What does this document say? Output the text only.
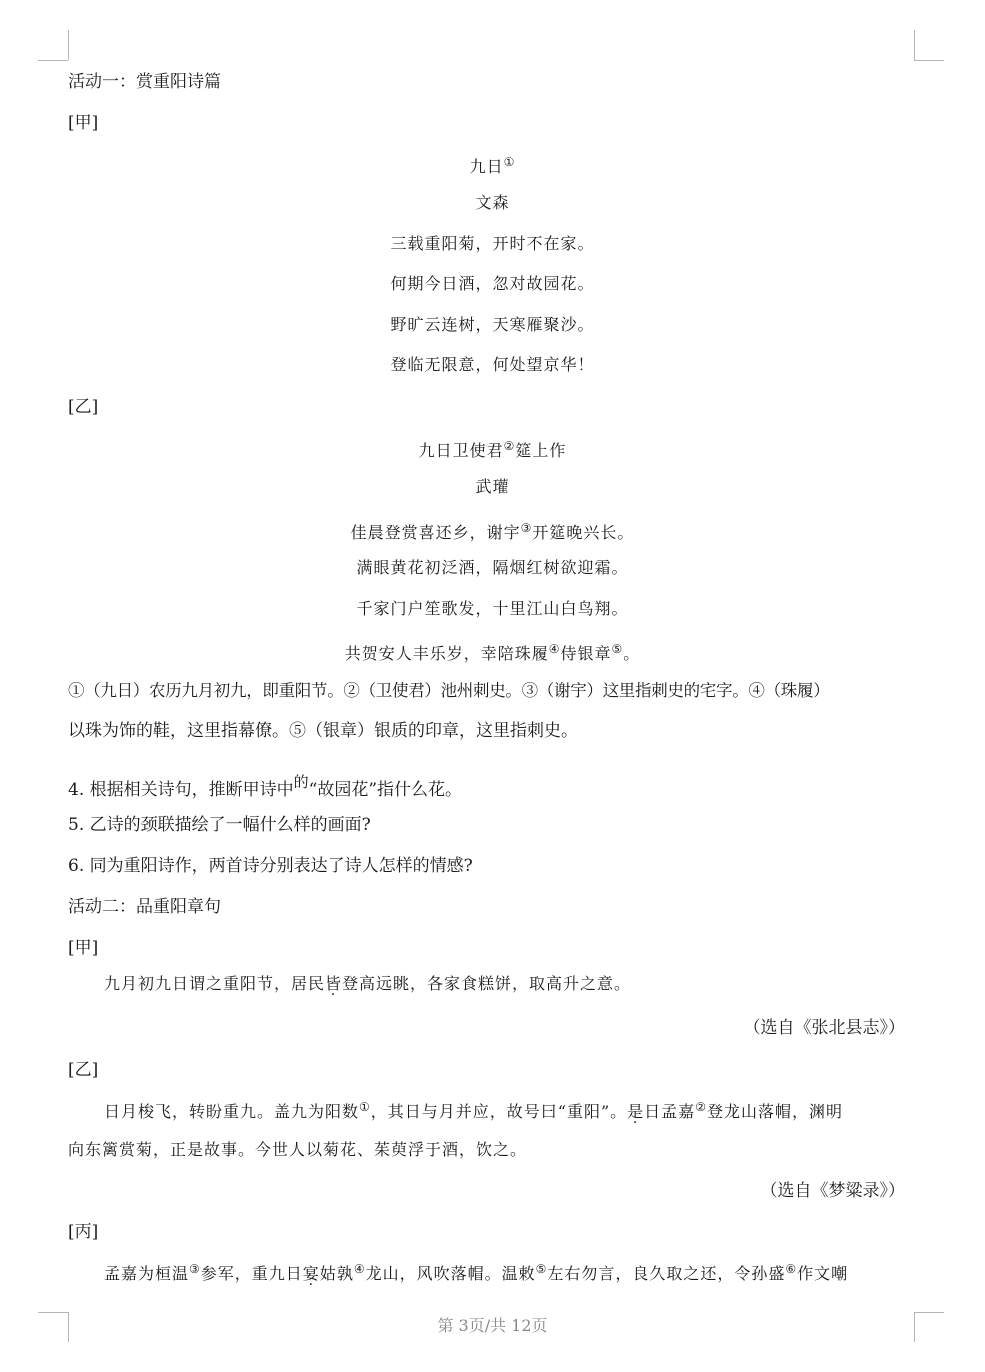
活动一：赏重阳诗篇
[甲]
九日①
文森
三载重阳菊，开时不在家。
何期今日酒，忽对故园花。
野旷云连树，天寒雁聚沙。
登临无限意，何处望京华！
[乙]
九日卫使君②筵上作
武瓘
佳晨登赏喜还乡，谢宇③开筵晚兴长。
满眼黄花初泛酒，隔烟红树欲迎霜。
千家门户笙歌发，十里江山白鸟翔。
共贺安人丰乐岁，幸陪珠履④侍银章⑤。
①（九日）农历九月初九，即重阳节。②（卫使君）池州刺史。③（谢宇）这里指刺史的宅字。④（珠履）
以珠为饰的鞋，这里指幕僚。⑤（银章）银质的印章，这里指刺史。
4. 根据相关诗句，推断甲诗中的“故园花”指什么花。
5. 乙诗的颈联描绘了一幅什么样的画面?
6. 同为重阳诗作，两首诗分别表达了诗人怎样的情感?
活动二：品重阳章句
[甲]
九月初九日谓之重阳节，居民皆登高远眺，各家食糕饼，取高升之意。
（选自《张北县志》）
[乙]
日月梭飞，转盼重九。盖九为阳数①，其日与月并应，故号曰“重阳”。是日孟嘉②登龙山落帽，渊明
向东篱赏菊，正是故事。今世人以菊花、茱萸浮于酒，饮之。
（选自《梦粱录》）
[丙]
孟嘉为桓温③参军，重九日宴姑孰④龙山，风吹落帽。温敕⑤左右勿言，良久取之还，令孙盛⑥作文嘲
第 3页/共 12页
